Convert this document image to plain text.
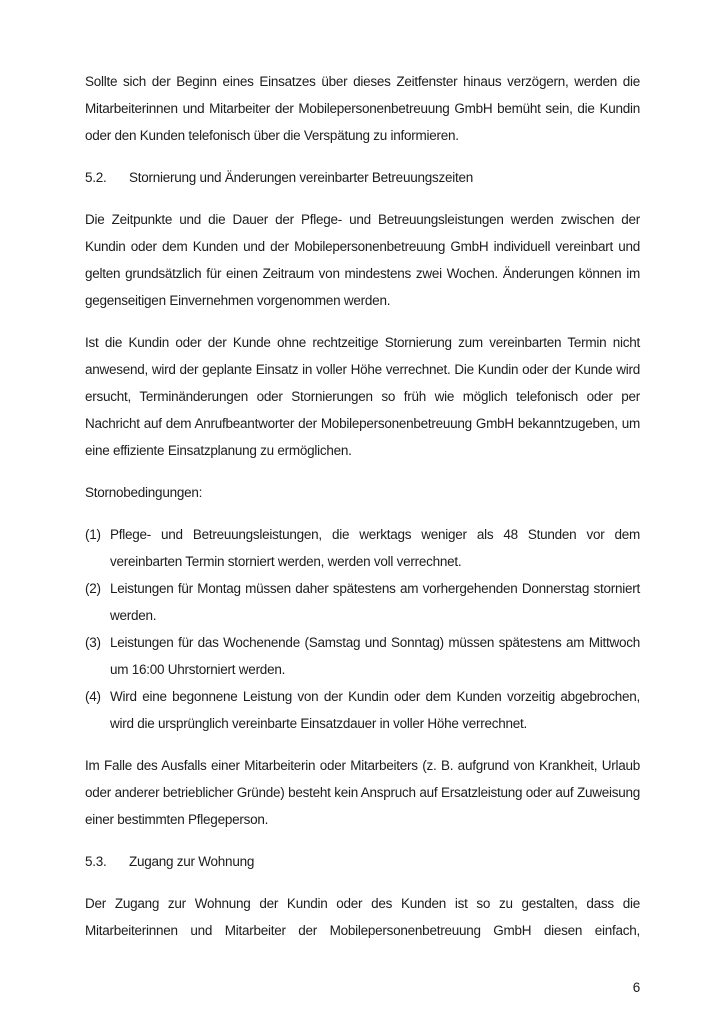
Sollte sich der Beginn eines Einsatzes über dieses Zeitfenster hinaus verzögern, werden die Mitarbeiterinnen und Mitarbeiter der Mobilepersonenbetreuung GmbH bemüht sein, die Kundin oder den Kunden telefonisch über die Verspätung zu informieren.

5.2.	Stornierung und Änderungen vereinbarter Betreuungszeiten

Die Zeitpunkte und die Dauer der Pflege- und Betreuungsleistungen werden zwischen der Kundin oder dem Kunden und der Mobilepersonenbetreuung GmbH individuell vereinbart und gelten grundsätzlich für einen Zeitraum von mindestens zwei Wochen. Änderungen können im gegenseitigen Einvernehmen vorgenommen werden.

Ist die Kundin oder der Kunde ohne rechtzeitige Stornierung zum vereinbarten Termin nicht anwesend, wird der geplante Einsatz in voller Höhe verrechnet. Die Kundin oder der Kunde wird ersucht, Terminänderungen oder Stornierungen so früh wie möglich telefonisch oder per Nachricht auf dem Anrufbeantworter der Mobilepersonenbetreuung GmbH bekanntzugeben, um eine effiziente Einsatzplanung zu ermöglichen.

Stornobedingungen:

(1) Pflege- und Betreuungsleistungen, die werktags weniger als 48 Stunden vor dem vereinbarten Termin storniert werden, werden voll verrechnet.
(2) Leistungen für Montag müssen daher spätestens am vorhergehenden Donnerstag storniert werden.
(3) Leistungen für das Wochenende (Samstag und Sonntag) müssen spätestens am Mittwoch um 16:00 Uhrstorniert werden.
(4) Wird eine begonnene Leistung von der Kundin oder dem Kunden vorzeitig abgebrochen, wird die ursprünglich vereinbarte Einsatzdauer in voller Höhe verrechnet.

Im Falle des Ausfalls einer Mitarbeiterin oder Mitarbeiters (z. B. aufgrund von Krankheit, Urlaub oder anderer betrieblicher Gründe) besteht kein Anspruch auf Ersatzleistung oder auf Zuweisung einer bestimmten Pflegeperson.

5.3.	Zugang zur Wohnung

Der Zugang zur Wohnung der Kundin oder des Kunden ist so zu gestalten, dass die Mitarbeiterinnen und Mitarbeiter der Mobilepersonenbetreuung GmbH diesen einfach,

6
